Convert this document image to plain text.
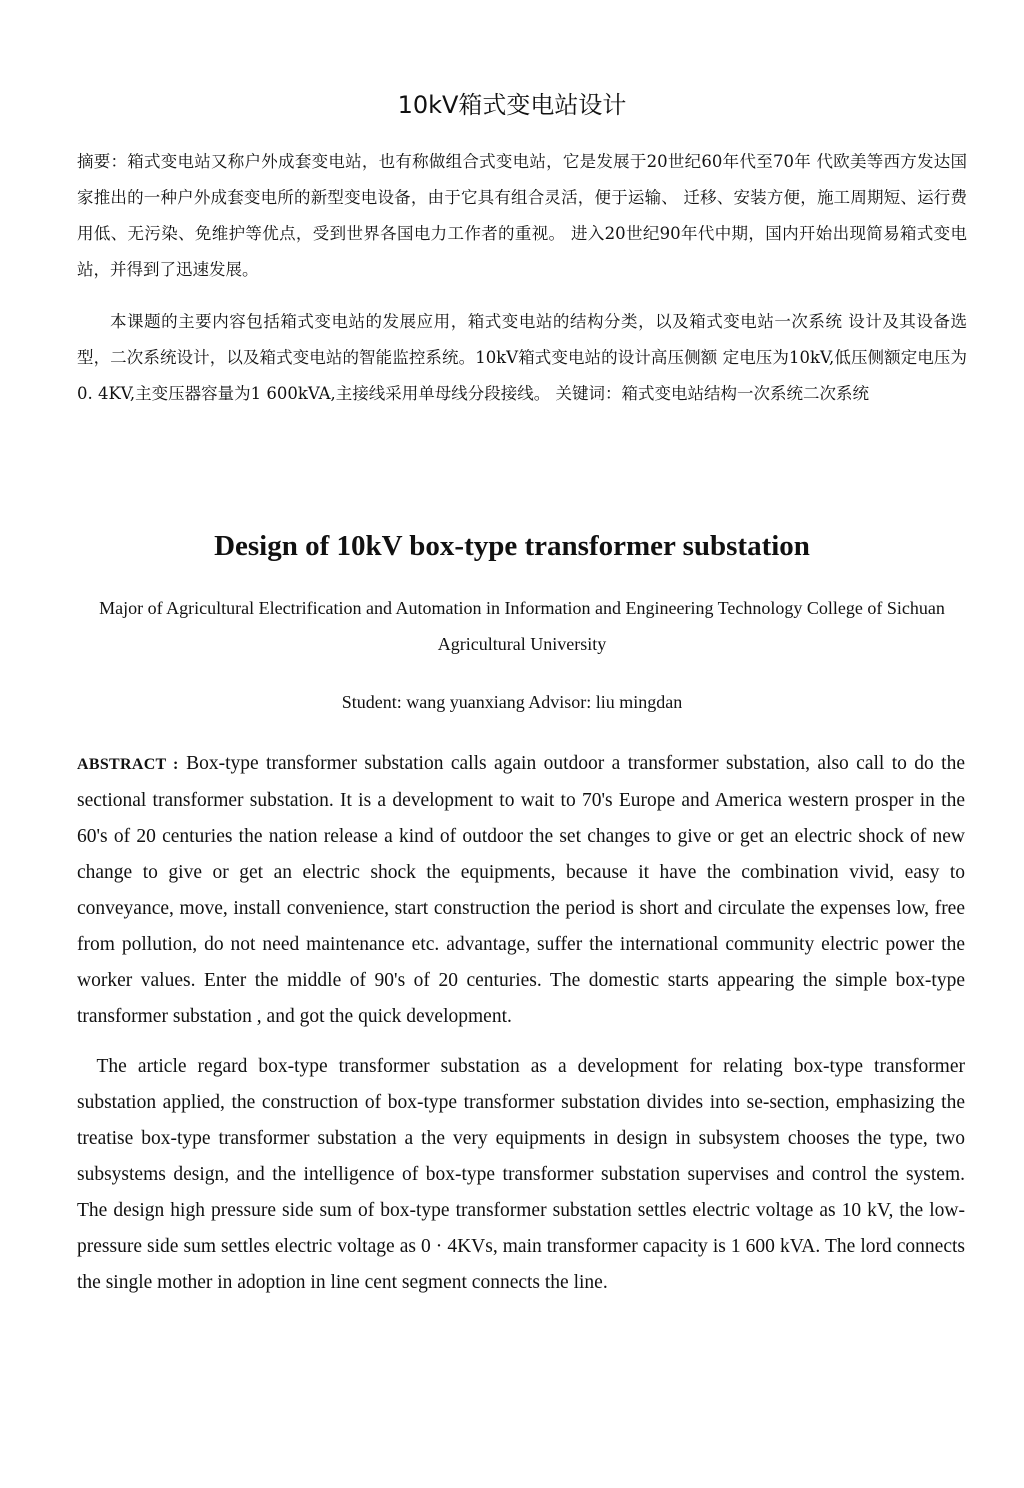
10kV箱式变电站设计

摘要：箱式变电站又称户外成套变电站，也有称做组合式变电站，它是发展于20世纪60年代至70年 代欧美等西方发达国家推出的一种户外成套变电所的新型变电设备，由于它具有组合灵活，便于运输、 迁移、安装方便，施工周期短、运行费用低、无污染、免维护等优点，受到世界各国电力工作者的重视。 进入20世纪90年代中期，国内幵始出现简易箱式变电站，并得到了迅速发展。

本课题的主要内容包括箱式变电站的发展应用，箱式变电站的结构分类，以及箱式变电站一次系统 设计及其设备选型，二次系统设计，以及箱式变电站的智能监控系统。10kV箱式变电站的设计高压侧额 定电压为10kV,低压侧额定电压为0. 4KV,主变压器容量为1 600kVA,主接线采用单母线分段接线。 关键词：箱式变电站结构一次系统二次系统

Design of 10kV box-type transformer substation

Major of Agricultural Electrification and Automation in Information and Engineering Technology College of Sichuan Agricultural University

Student: wang yuanxiang Advisor: liu mingdan

ABSTRACT : Box-type transformer substation calls again outdoor a transformer substation, also call to do the sectional transformer substation. It is a development to wait to 70's Europe and America western prosper in the 60's of 20 centuries the nation release a kind of outdoor the set changes to give or get an electric shock of new change to give or get an electric shock the equipments, because it have the combination vivid, easy to conveyance, move, install convenience, start construction the period is short and circulate the expenses low, free from pollution, do not need maintenance etc. advantage, suffer the international community electric power the worker values. Enter the middle of 90's of 20 centuries. The domestic starts appearing the simple box-type transformer substation , and got the quick development.

The article regard box-type transformer substation as a development for relating box-type transformer substation applied, the construction of box-type transformer substation divides into se-section, emphasizing the treatise box-type transformer substation a the very equipments in design in subsystem chooses the type, two subsystems design, and the intelligence of box-type transformer substation supervises and control the system. The design high pressure side sum of box-type transformer substation settles electric voltage as 10 kV, the low-pressure side sum settles electric voltage as 0 · 4KVs, main transformer capacity is 1 600 kVA. The lord connects the single mother in adoption in line cent segment connects the line.
